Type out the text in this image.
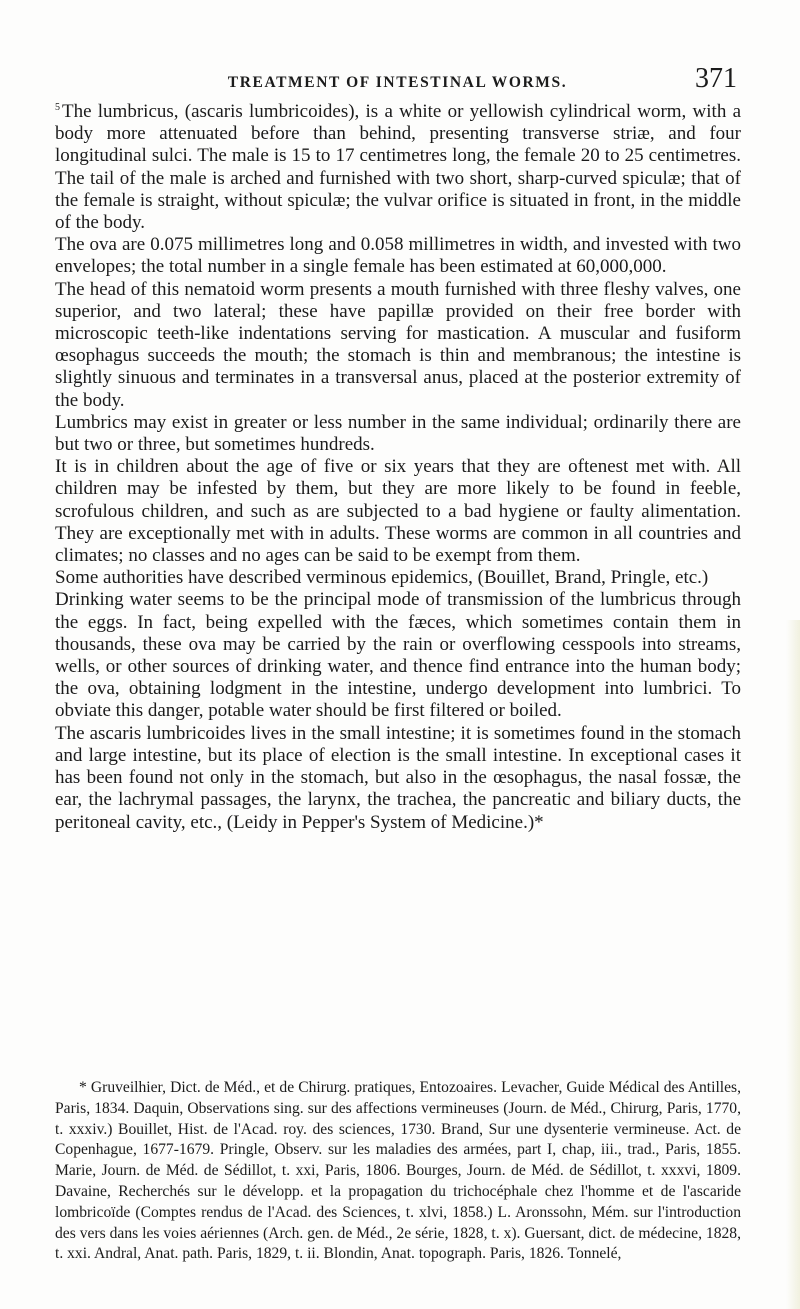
TREATMENT OF INTESTINAL WORMS.	371

$^5$ The lumbricus, (ascaris lumbricoides), is a white or yellowish cylindrical worm, with a body more attenuated before than behind, presenting transverse striæ, and four longitudinal sulci. The male is 15 to 17 centimetres long, the female 20 to 25 centimetres. The tail of the male is arched and furnished with two short, sharp-curved spiculæ; that of the female is straight, without spiculæ; the vulvar orifice is situated in front, in the middle of the body.

The ova are 0.075 millimetres long and 0.058 millimetres in width, and invested with two envelopes; the total number in a single female has been estimated at 60,000,000.

The head of this nematoid worm presents a mouth furnished with three fleshy valves, one superior, and two lateral; these have papillæ provided on their free border with microscopic teeth-like indentations serving for mastication. A muscular and fusiform œsophagus succeeds the mouth; the stomach is thin and membranous; the intestine is slightly sinuous and terminates in a transversal anus, placed at the posterior extremity of the body.

Lumbrics may exist in greater or less number in the same individual; ordinarily there are but two or three, but sometimes hundreds.

It is in children about the age of five or six years that they are oftenest met with. All children may be infested by them, but they are more likely to be found in feeble, scrofulous children, and such as are subjected to a bad hygiene or faulty alimentation. They are exceptionally met with in adults. These worms are common in all countries and climates; no classes and no ages can be said to be exempt from them.

Some authorities have described verminous epidemics, (Bouillet, Brand, Pringle, etc.)

Drinking water seems to be the principal mode of transmission of the lumbricus through the eggs. In fact, being expelled with the fæces, which sometimes contain them in thousands, these ova may be carried by the rain or overflowing cesspools into streams, wells, or other sources of drinking water, and thence find entrance into the human body; the ova, obtaining lodgment in the intestine, undergo development into lumbrici. To obviate this danger, potable water should be first filtered or boiled.

The ascaris lumbricoides lives in the small intestine; it is sometimes found in the stomach and large intestine, but its place of election is the small intestine. In exceptional cases it has been found not only in the stomach, but also in the œsophagus, the nasal fossæ, the ear, the lachrymal passages, the larynx, the trachea, the pancreatic and biliary ducts, the peritoneal cavity, etc., (Leidy in Pepper's System of Medicine.)*

* Gruveilhier, Dict. de Méd., et de Chirurg. pratiques, Entozoaires. Levacher, Guide Médical des Antilles, Paris, 1834. Daquin, Observations sing. sur des affections vermineuses (Journ. de Méd., Chirurg, Paris, 1770, t. xxxiv.) Bouillet, Hist. de l'Acad. roy. des sciences, 1730. Brand, Sur une dysenterie vermineuse. Act. de Copenhague, 1677-1679. Pringle, Observ. sur les maladies des armées, part I, chap, iii., trad., Paris, 1855. Marie, Journ. de Méd. de Sédillot, t. xxi, Paris, 1806. Bourges, Journ. de Méd. de Sédillot, t. xxxvi, 1809. Davaine, Recherchés sur le développ. et la propagation du trichocéphale chez l'homme et de l'ascaride lombricoïde (Comptes rendus de l'Acad. des Sciences, t. xlvi, 1858.) L. Aronssohn, Mém. sur l'introduction des vers dans les voies aériennes (Arch. gen. de Méd., 2e série, 1828, t. x). Guersant, dict. de médecine, 1828, t. xxi. Andral, Anat. path. Paris, 1829, t. ii. Blondin, Anat. topograph. Paris, 1826. Tonnelé,
